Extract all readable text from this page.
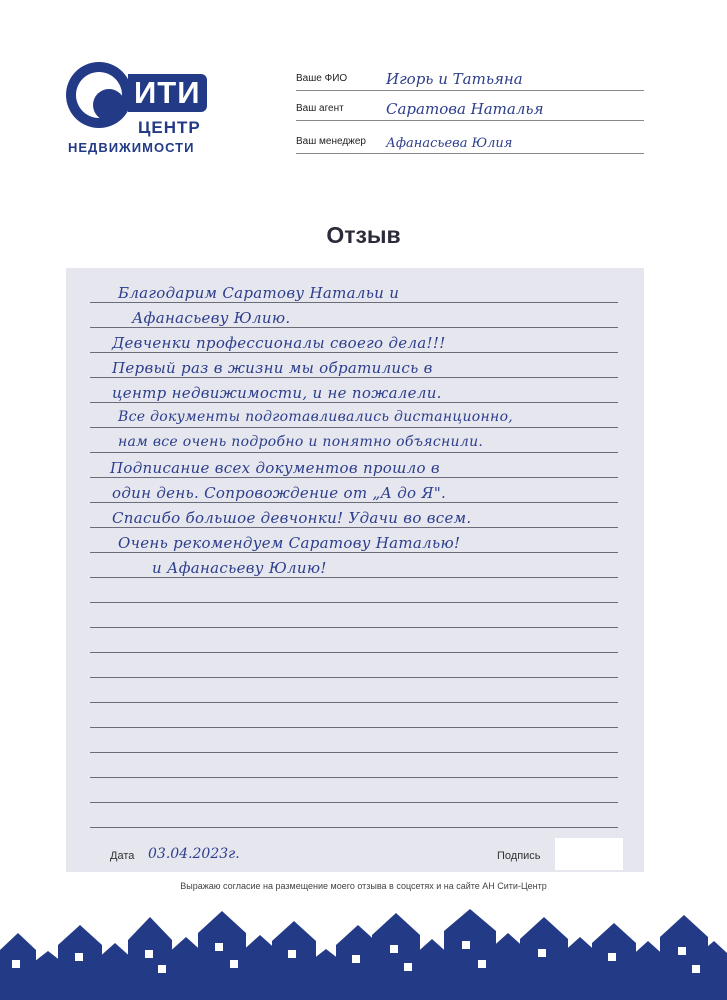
ИТИ
ЦЕНТР
НЕДВИЖИМОСТИ
Ваше ФИО	Игорь и Татьяна
Ваш агент	Саратова Наталья
Ваш менеджер Афанасьева Юлия
Отзыв
Благодарим Саратову Натальи и
Афанасьеву Юлию.
Девченки профессионалы своего дела!!!
Первый раз в жизни мы обратились в
центр недвижимости, и не пожалели.
Все документы подготавливались дистанционно,
нам все очень подробно и понятно объяснили.
Подписание всех документов прошло в
один день. Сопровождение от „А до Я".
Спасибо большое девчонки! Удачи во всем.
Очень рекомендуем Саратову Наталью!
и Афанасьеву Юлию!
Дата 03.04.2023г.	Подпись
Выражаю согласие на размещение моего отзыва в соцсетях и на сайте АН Сити-Центр
